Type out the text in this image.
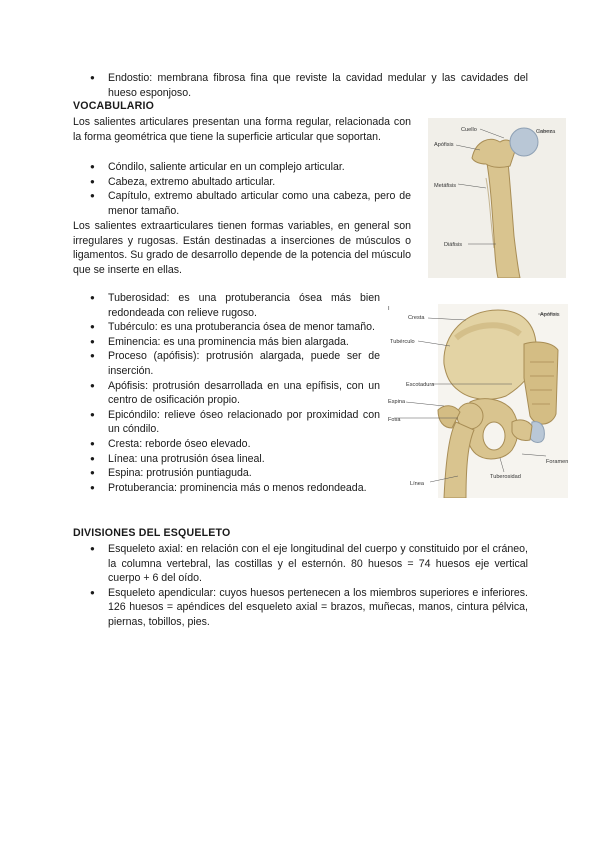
● Endostio: membrana fibrosa fina que reviste la cavidad medular y las cavidades del hueso esponjoso.
VOCABULARIO
Los salientes articulares presentan una forma regular, relacionada con la forma geométrica que tiene la superficie articular que soportan.
● Cóndilo, saliente articular en un complejo articular.
● Cabeza, extremo abultado articular.
● Capítulo, extremo abultado articular como una cabeza, pero de menor tamaño.
Los salientes extraarticulares tienen formas variables, en general son irregulares y rugosas. Están destinadas a inserciones de músculos o ligamentos. Su grado de desarrollo depende de la potencia del músculo que se inserte en ellas.
Cuello	Cabeza
Apófisis
Metáfisis
Diáfisis
● Tuberosidad: es una protuberancia ósea más bien redondeada con relieve rugoso.
● Tubérculo: es una protuberancia ósea de menor tamaño.
● Eminencia: es una prominencia más bien alargada.
● Proceso (apófisis): protrusión alargada, puede ser de inserción.
● Apófisis: protrusión desarrollada en una epífisis, con un centro de osificación propio.
● Epicóndilo: relieve óseo relacionado por proximidad con un cóndilo.
● Cresta: reborde óseo elevado.
● Línea: una protrusión ósea lineal.
● Espina: protrusión puntiaguda.
● Protuberancia: prominencia más o menos redondeada.
I
Cresta	Apófisis
Tubérculo
Escotadura
Espina
Fosa
Foramen
Tuberosidad
Línea
DIVISIONES DEL ESQUELETO
● Esqueleto axial: en relación con el eje longitudinal del cuerpo y constituido por el cráneo, la columna vertebral, las costillas y el esternón. 80 huesos = 74 huesos eje vertical cuerpo + 6 del oído.
● Esqueleto apendicular: cuyos huesos pertenecen a los miembros superiores e inferiores. 126 huesos = apéndices del esqueleto axial = brazos, muñecas, manos, cintura pélvica, piernas, tobillos, pies.
